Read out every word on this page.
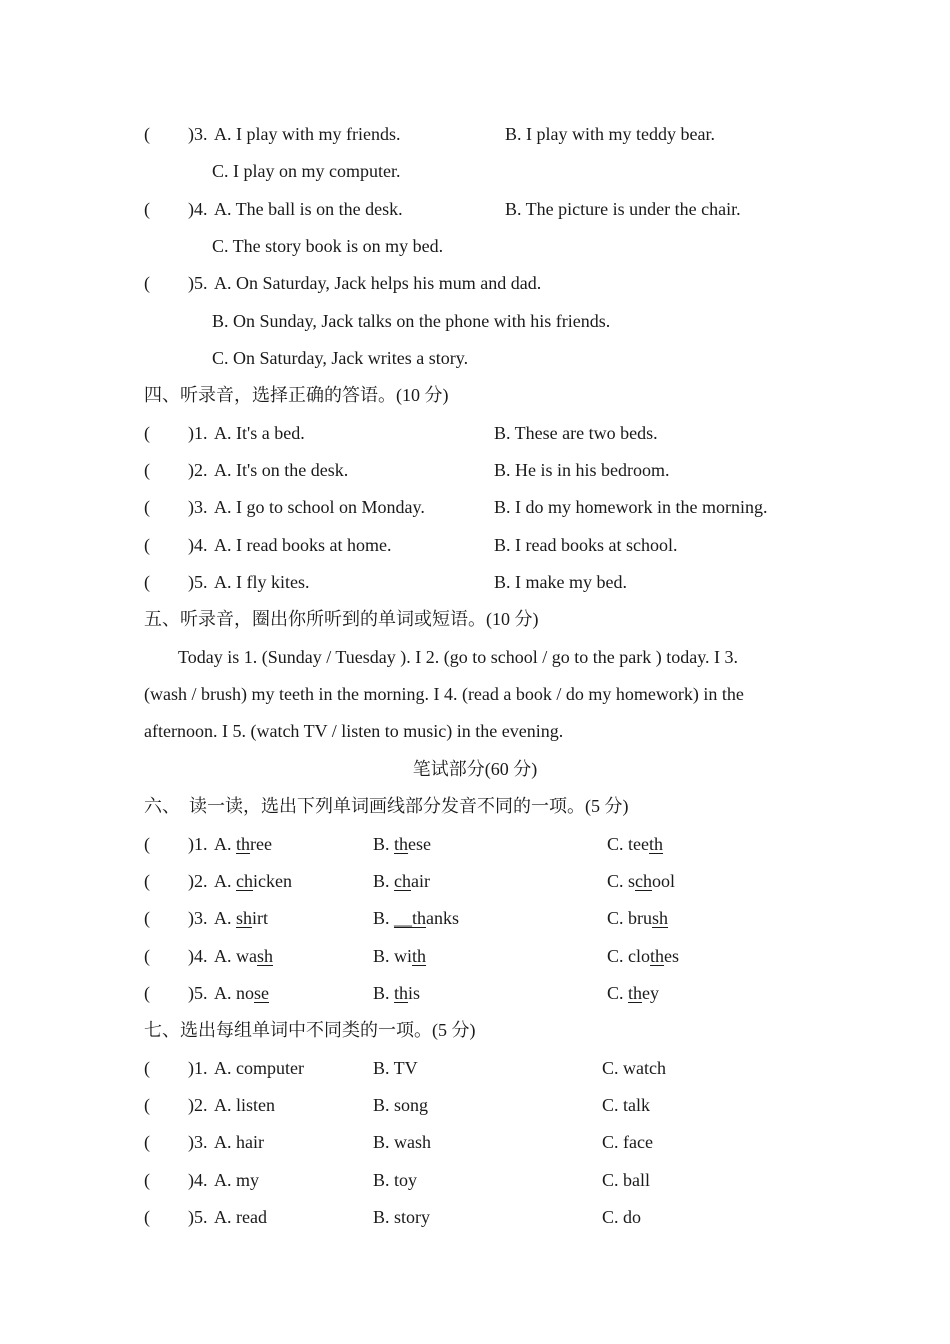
( )3. A. I play with my friends.	B. I play with my teddy bear.
C. I play on my computer.
( )4. A. The ball is on the desk.	B. The picture is under the chair.
C. The story book is on my bed.
( )5. A. On Saturday, Jack helps his mum and dad.
B. On Sunday, Jack talks on the phone with his friends.
C. On Saturday, Jack writes a story.
四、听录音，选择正确的答语。(10 分)
( )1. A. It's a bed.	B. These are two beds.
( )2. A. It's on the desk.	B. He is in his bedroom.
( )3. A. I go to school on Monday.	B. I do my homework in the morning.
( )4. A. I read books at home.	B. I read books at school.
( )5. A. I fly kites.	B. I make my bed.
五、听录音，圈出你所听到的单词或短语。(10 分)
Today is 1. (Sunday / Tuesday ). I 2. (go to school / go to the park ) today. I 3.
(wash / brush) my teeth in the morning. I 4. (read a book / do my homework) in the
afternoon. I 5. (watch TV / listen to music) in the evening.
笔试部分(60 分)
六、  读一读，选出下列单词画线部分发音不同的一项。(5 分)
( )1. A. three	B. these	C. teeth
( )2. A. chicken	B. chair	C. school
( )3. A. shirt	B. __thanks	C. brush
( )4. A. wash	B. with	C. clothes
( )5. A. nose	B. this	C. they
七、选出每组单词中不同类的一项。(5 分)
( )1. A. computer	B. TV	C. watch
( )2. A. listen	B. song	C. talk
( )3. A. hair	B. wash	C. face
( )4. A. my	B. toy	C. ball
( )5. A. read	B. story	C. do
